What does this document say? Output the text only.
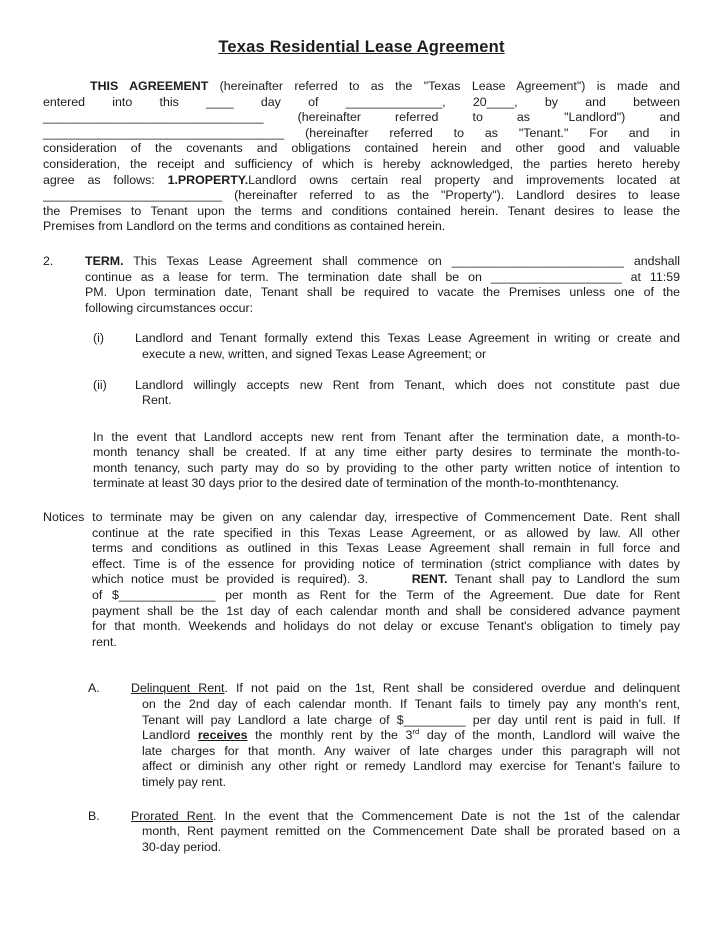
Texas Residential Lease Agreement
THIS AGREEMENT (hereinafter referred to as the "Texas Lease Agreement") is made and
entered into this ____ day of ______________, 20____, by and between
________________________________ (hereinafter referred to as "Landlord") and
___________________________________ (hereinafter referred to as "Tenant." For and in
consideration of the covenants and obligations contained herein and other good and valuable
consideration, the receipt and sufficiency of which is hereby acknowledged, the parties hereto hereby
agree as follows: 1.PROPERTY.Landlord owns certain real property and improvements located at
__________________________ (hereinafter referred to as the "Property"). Landlord desires to lease
the Premises to Tenant upon the terms and conditions contained herein. Tenant desires to lease the
Premises from Landlord on the terms and conditions as contained herein.
2.	TERM. This Texas Lease Agreement shall commence on _________________________ andshall
continue as a lease for term. The termination date shall be on ___________________ at 11:59
PM. Upon termination date, Tenant shall be required to vacate the Premises unless one of the
following circumstances occur:
(i) Landlord and Tenant formally extend this Texas Lease Agreement in writing or create and
execute a new, written, and signed Texas Lease Agreement; or
(ii) Landlord willingly accepts new Rent from Tenant, which does not constitute past due
Rent.
In the event that Landlord accepts new rent from Tenant after the termination date, a month-to-
month tenancy shall be created. If at any time either party desires to terminate the month-to-
month tenancy, such party may do so by providing to the other party written notice of intention to
terminate at least 30 days prior to the desired date of termination of the month-to-monthtenancy.
Notices to terminate may be given on any calendar day, irrespective of Commencement Date. Rent shall
continue at the rate specified in this Texas Lease Agreement, or as allowed by law. All other
terms and conditions as outlined in this Texas Lease Agreement shall remain in full force and
effect. Time is of the essence for providing notice of termination (strict compliance with dates by
which notice must be provided is required). 3.      RENT. Tenant shall pay to Landlord the sum
of $______________ per month as Rent for the Term of the Agreement. Due date for Rent
payment shall be the 1st day of each calendar month and shall be considered advance payment
for that month. Weekends and holidays do not delay or excuse Tenant's obligation to timely pay
rent.
A.	Delinquent Rent. If not paid on the 1st, Rent shall be considered overdue and delinquent
on the 2nd day of each calendar month. If Tenant fails to timely pay any month's rent,
Tenant will pay Landlord a late charge of $_________ per day until rent is paid in full. If
Landlord receives the monthly rent by the 3rd day of the month, Landlord will waive the
late charges for that month. Any waiver of late charges under this paragraph will not
affect or diminish any other right or remedy Landlord may exercise for Tenant's failure to
timely pay rent.
B.	Prorated Rent. In the event that the Commencement Date is not the 1st of the calendar
month, Rent payment remitted on the Commencement Date shall be prorated based on a
30-day period.
